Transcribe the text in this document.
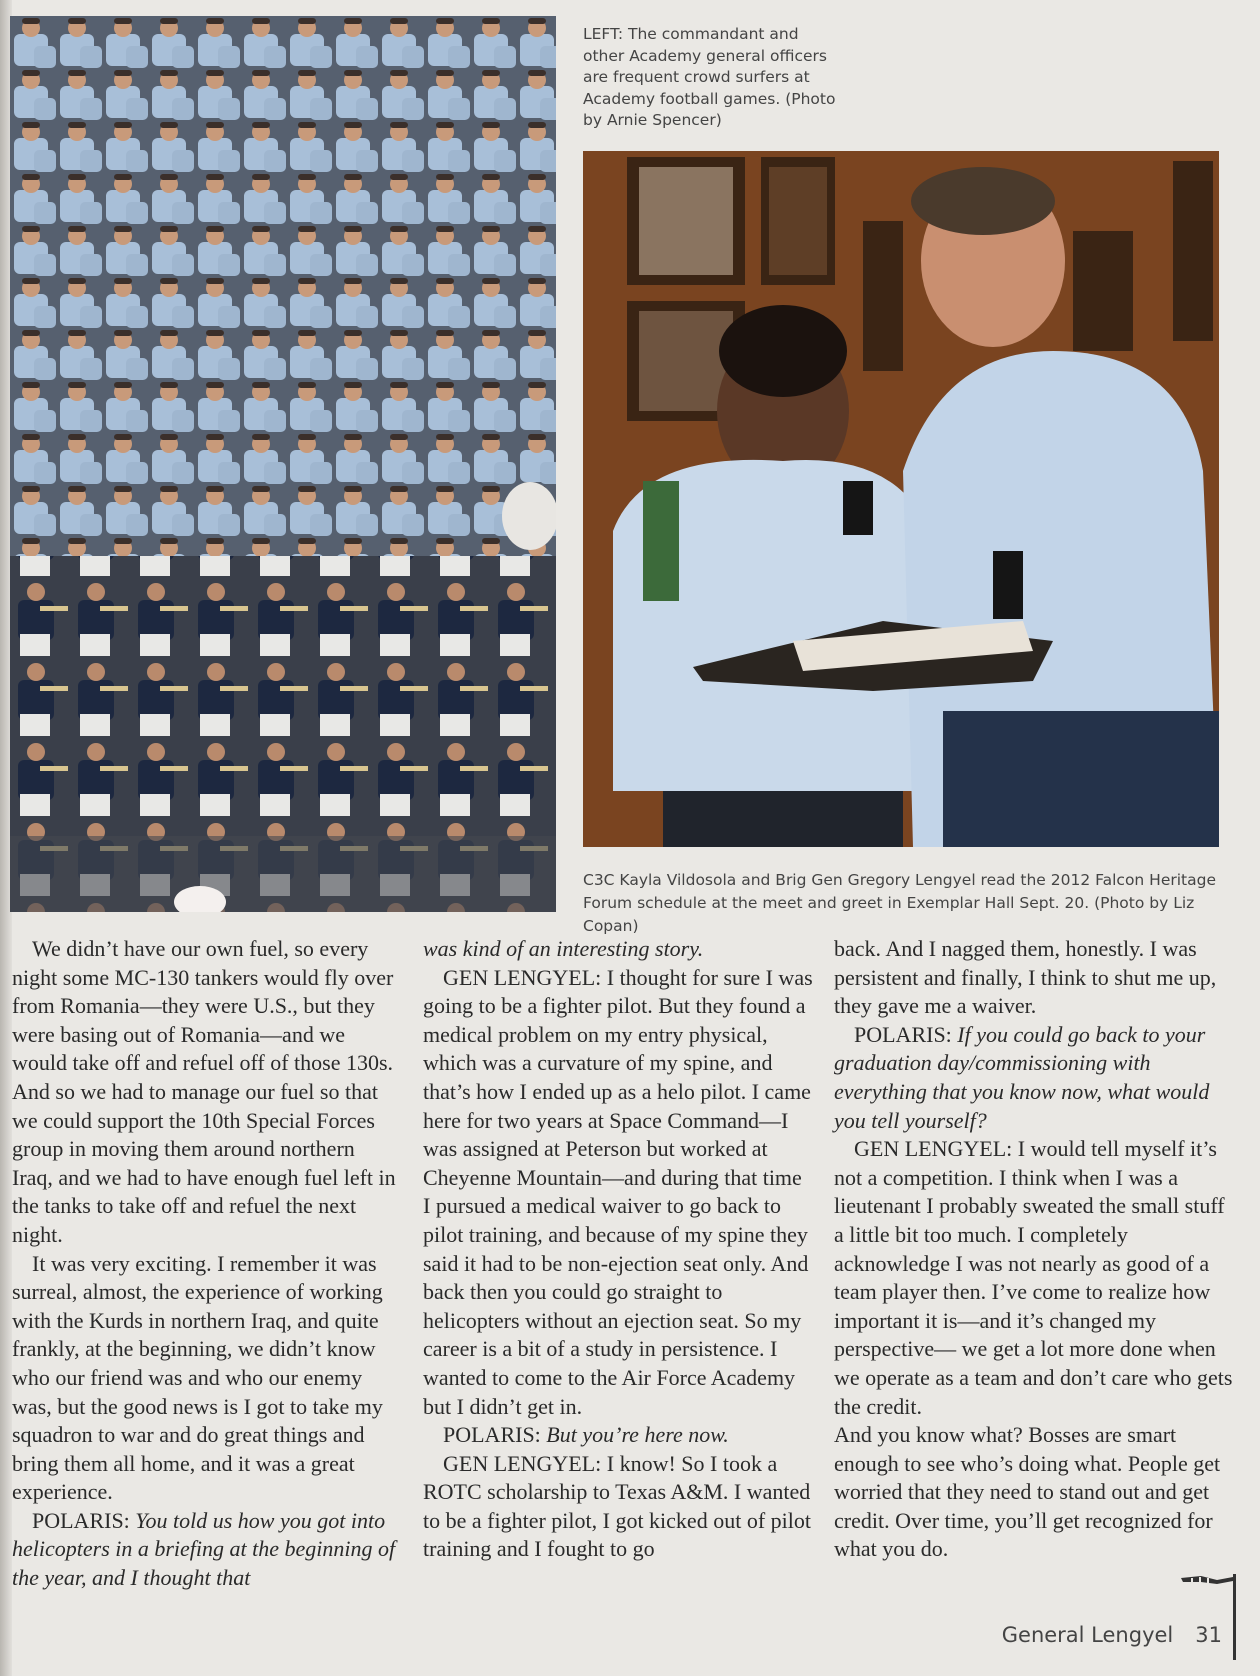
LEFT: The commandant and other Academy general officers are frequent crowd surfers at Academy football games. (Photo by Arnie Spencer)
C3C Kayla Vildosola and Brig Gen Gregory Lengyel read the 2012 Falcon Heritage Forum schedule at the meet and greet in Exemplar Hall Sept. 20. (Photo by Liz Copan)

We didn’t have our own fuel, so every night some MC-130 tankers would fly over from Romania—they were U.S., but they were basing out of Romania—and we would take off and refuel off of those 130s. And so we had to manage our fuel so that we could support the 10th Special Forces group in moving them around northern Iraq, and we had to have enough fuel left in the tanks to take off and refuel the next night.

It was very exciting. I remember it was surreal, almost, the experience of working with the Kurds in northern Iraq, and quite frankly, at the beginning, we didn’t know who our friend was and who our enemy was, but the good news is I got to take my squadron to war and do great things and bring them all home, and it was a great experience.

POLARIS: You told us how you got into helicopters in a briefing at the beginning of the year, and I thought that

was kind of an interesting story.

GEN LENGYEL: I thought for sure I was going to be a fighter pilot. But they found a medical problem on my entry physical, which was a curvature of my spine, and that’s how I ended up as a helo pilot. I came here for two years at Space Command—I was assigned at Peterson but worked at Cheyenne Mountain—and during that time I pursued a medical waiver to go back to pilot training, and because of my spine they said it had to be non-ejection seat only. And back then you could go straight to helicopters without an ejection seat. So my career is a bit of a study in persistence. I wanted to come to the Air Force Academy but I didn’t get in.

POLARIS: But you’re here now.

GEN LENGYEL: I know! So I took a ROTC scholarship to Texas A&M. I wanted to be a fighter pilot, I got kicked out of pilot training and I fought to go

back. And I nagged them, honestly. I was persistent and finally, I think to shut me up, they gave me a waiver.

POLARIS: If you could go back to your graduation day/commissioning with everything that you know now, what would you tell yourself?

GEN LENGYEL: I would tell myself it’s not a competition. I think when I was a lieutenant I probably sweated the small stuff a little bit too much. I completely acknowledge I was not nearly as good of a team player then. I’ve come to realize how important it is—and it’s changed my perspective— we get a lot more done when we operate as a team and don’t care who gets the credit.

And you know what? Bosses are smart enough to see who’s doing what. People get worried that they need to stand out and get credit. Over time, you’ll get recognized for what you do.

General Lengyel 31
